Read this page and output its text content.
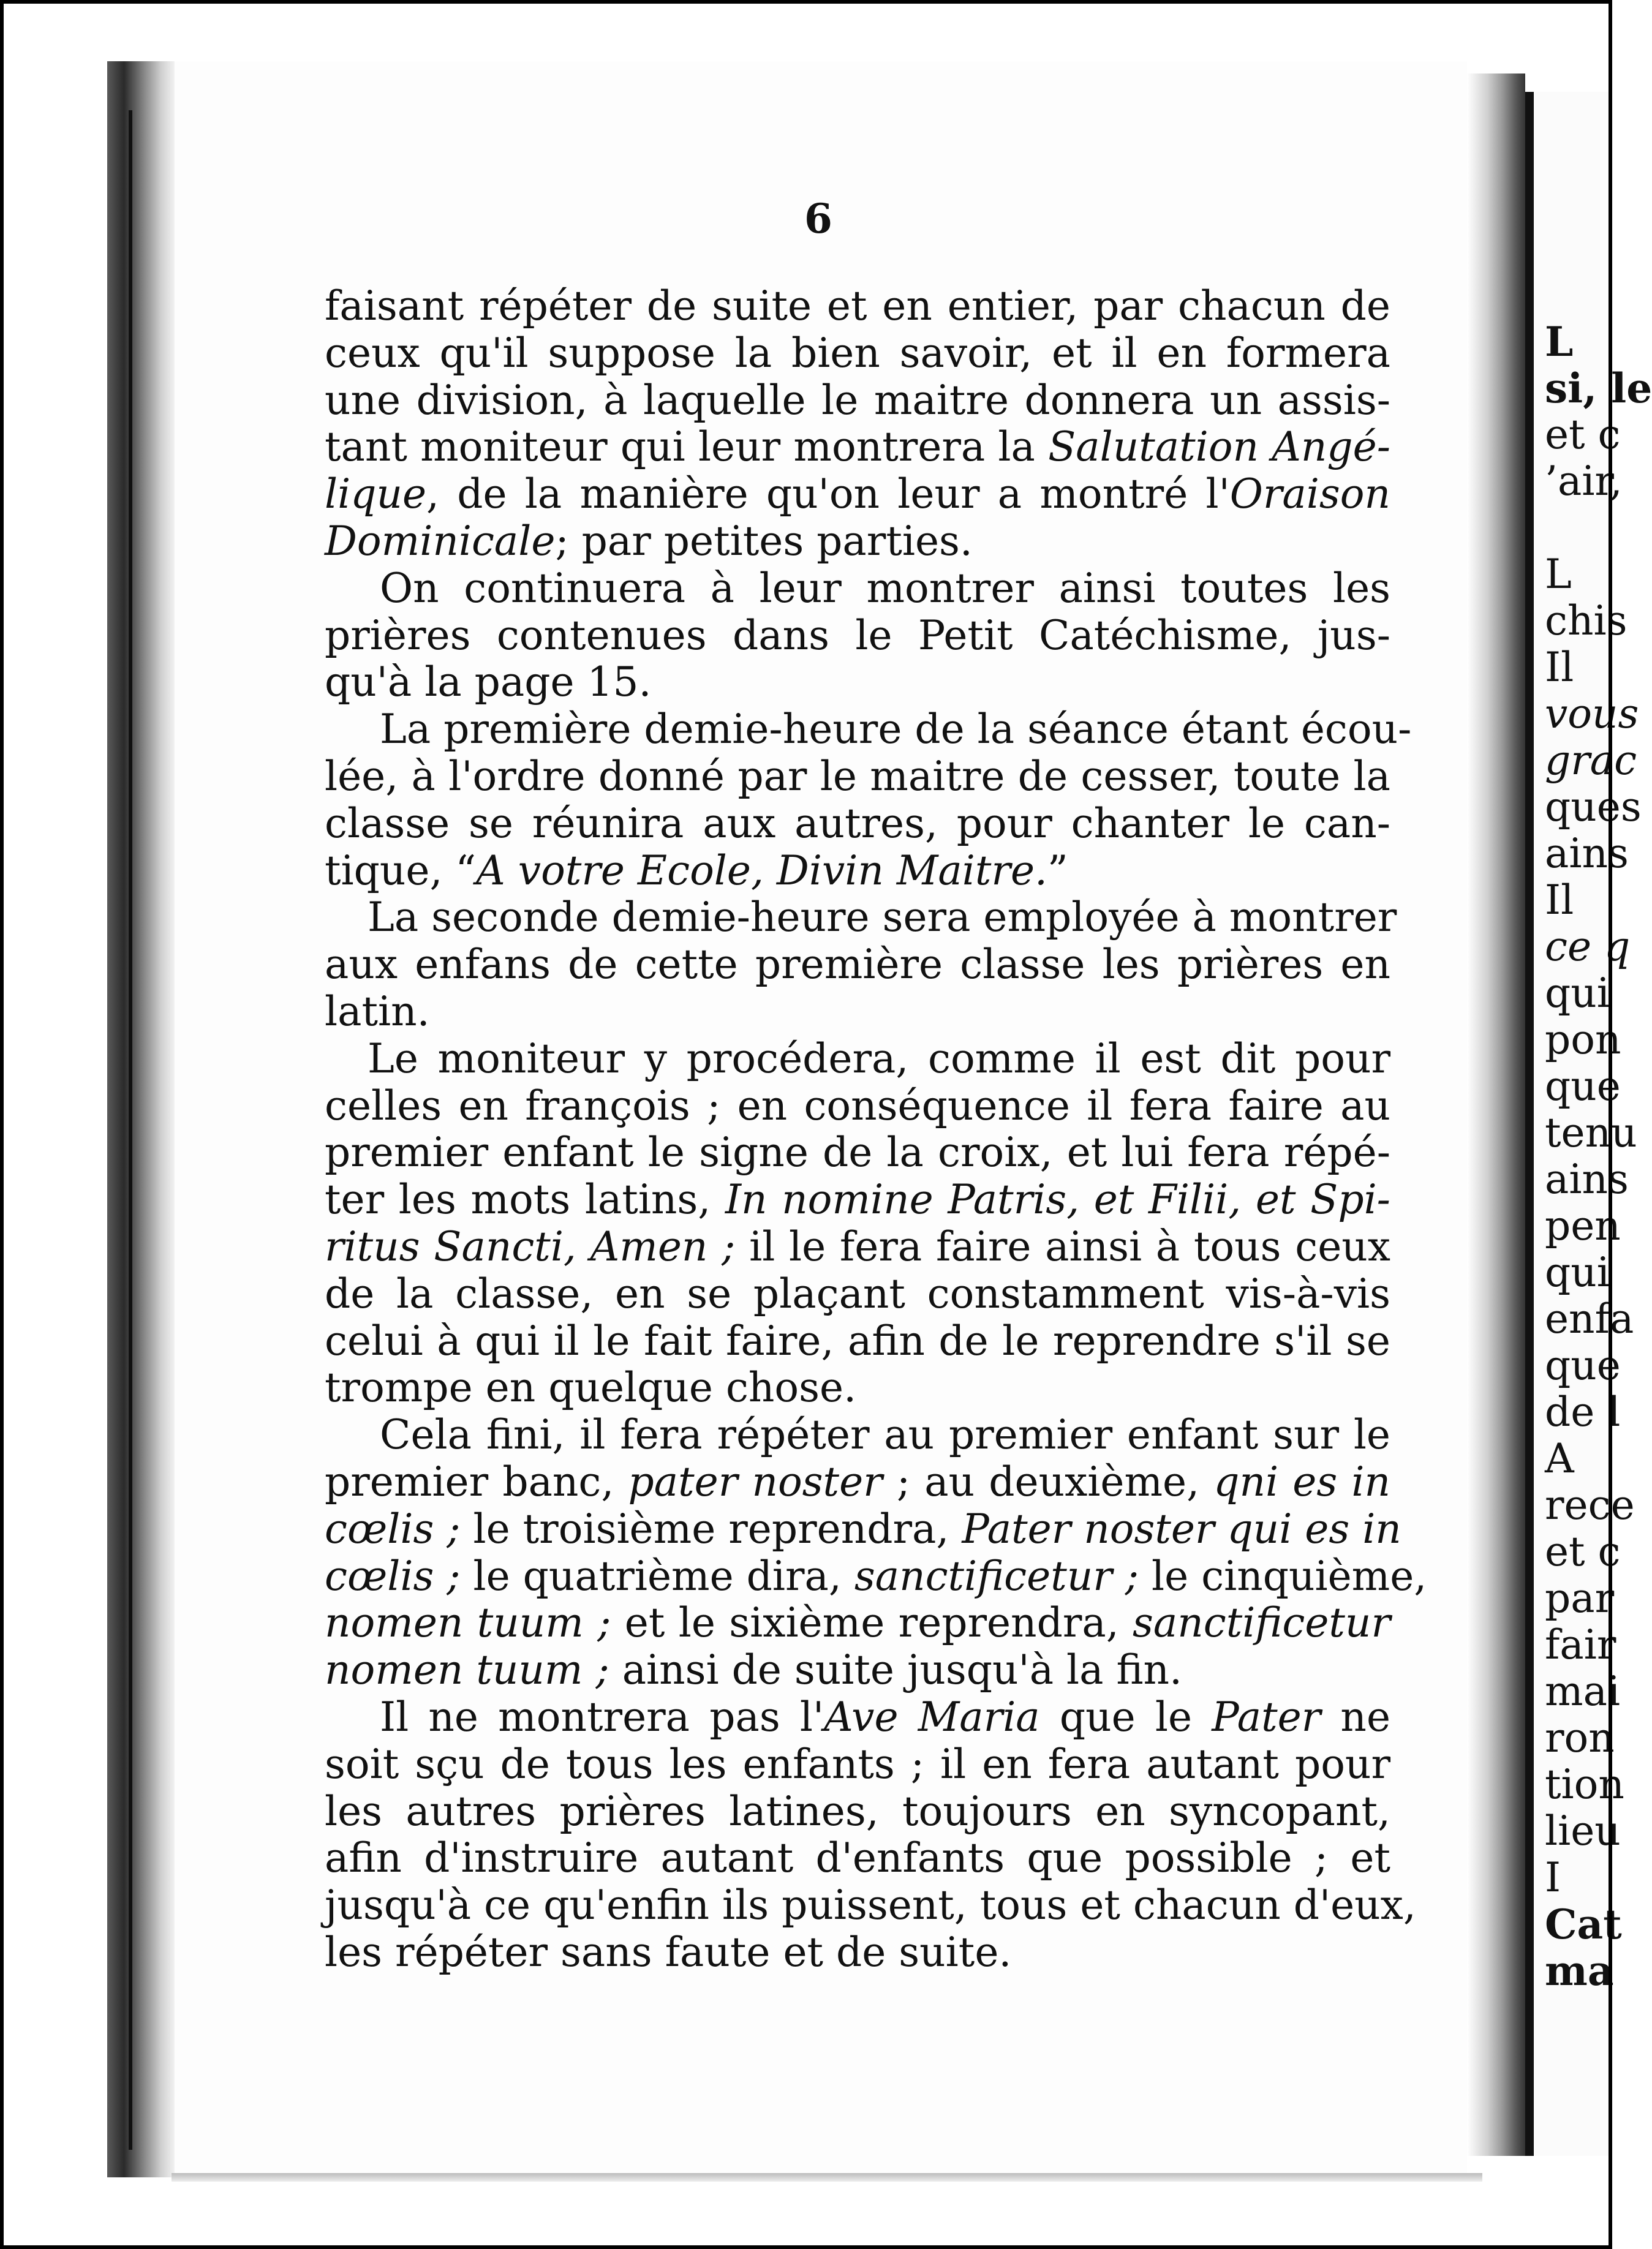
L
si, le
et c
’air,
L
chis
Il
vous
grac
ques
ains
Il
ce q
qui
pon
que
tenu
ains
pen
qui
enfa
que
de l
A
rece
et c
par
fair
mai
ron
tion
lieu
I
Cat
ma
6
faisant répéter de suite et en entier, par chacun de
ceux qu'il suppose la bien savoir, et il en formera
une division, à laquelle le maitre donnera un assis-
tant moniteur qui leur montrera la Salutation Angé-
lique, de la manière qu'on leur a montré l'Oraison
Dominicale; par petites parties.
On continuera à leur montrer ainsi toutes les
prières contenues dans le Petit Catéchisme, jus-
qu'à la page 15.
La première demie-heure de la séance étant écou-
lée, à l'ordre donné par le maitre de cesser, toute la
classe se réunira aux autres, pour chanter le can-
tique, “A votre Ecole, Divin Maitre.”
La seconde demie-heure sera employée à montrer
aux enfans de cette première classe les prières en
latin.
Le moniteur y procédera, comme il est dit pour
celles en françois ; en conséquence il fera faire au
premier enfant le signe de la croix, et lui fera répé-
ter les mots latins, In nomine Patris, et Filii, et Spi-
ritus Sancti, Amen ; il le fera faire ainsi à tous ceux
de la classe, en se plaçant constamment vis-à-vis
celui à qui il le fait faire, afin de le reprendre s'il se
trompe en quelque chose.
Cela fini, il fera répéter au premier enfant sur le
premier banc, pater noster ; au deuxième, qni es in
cœlis ; le troisième reprendra, Pater noster qui es in
cœlis ; le quatrième dira, sanctificetur ; le cinquième,
nomen tuum ; et le sixième reprendra, sanctificetur
nomen tuum ; ainsi de suite jusqu'à la fin.
Il ne montrera pas l'Ave Maria que le Pater ne
soit sçu de tous les enfants ; il en fera autant pour
les autres prières latines, toujours en syncopant,
afin d'instruire autant d'enfants que possible ; et
jusqu'à ce qu'enfin ils puissent, tous et chacun d'eux,
les répéter sans faute et de suite.
